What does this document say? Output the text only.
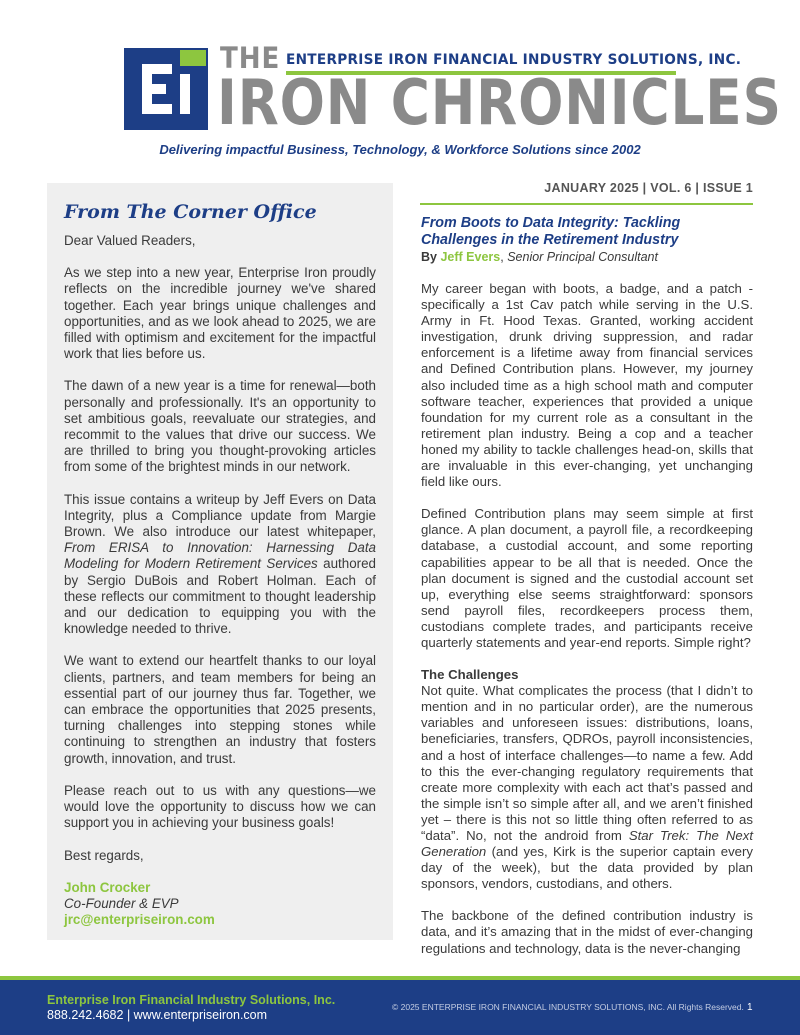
THE ENTERPRISE IRON FINANCIAL INDUSTRY SOLUTIONS, INC.
IRON CHRONICLES
Delivering impactful Business, Technology, & Workforce Solutions since 2002
From The Corner Office

Dear Valued Readers,

As we step into a new year, Enterprise Iron proudly reflects on the incredible journey we've shared together. Each year brings unique challenges and opportunities, and as we look ahead to 2025, we are filled with optimism and excitement for the impactful work that lies before us.

The dawn of a new year is a time for renewal—both personally and professionally. It's an opportunity to set ambitious goals, reevaluate our strategies, and recommit to the values that drive our success. We are thrilled to bring you thought-provoking articles from some of the brightest minds in our network.

This issue contains a writeup by Jeff Evers on Data Integrity, plus a Compliance update from Margie Brown. We also introduce our latest whitepaper, From ERISA to Innovation: Harnessing Data Modeling for Modern Retirement Services authored by Sergio DuBois and Robert Holman. Each of these reflects our commitment to thought leadership and our dedication to equipping you with the knowledge needed to thrive.

We want to extend our heartfelt thanks to our loyal clients, partners, and team members for being an essential part of our journey thus far. Together, we can embrace the opportunities that 2025 presents, turning challenges into stepping stones while continuing to strengthen an industry that fosters growth, innovation, and trust.

Please reach out to us with any questions—we would love the opportunity to discuss how we can support you in achieving your business goals!

Best regards,

John Crocker
Co-Founder & EVP
jrc@enterpriseiron.com
JANUARY 2025 | VOL. 6 | ISSUE 1
From Boots to Data Integrity: Tackling Challenges in the Retirement Industry
By Jeff Evers, Senior Principal Consultant

My career began with boots, a badge, and a patch - specifically a 1st Cav patch while serving in the U.S. Army in Ft. Hood Texas. Granted, working accident investigation, drunk driving suppression, and radar enforcement is a lifetime away from financial services and Defined Contribution plans. However, my journey also included time as a high school math and computer software teacher, experiences that provided a unique foundation for my current role as a consultant in the retirement plan industry. Being a cop and a teacher honed my ability to tackle challenges head-on, skills that are invaluable in this ever-changing, yet unchanging field like ours.

Defined Contribution plans may seem simple at first glance. A plan document, a payroll file, a recordkeeping database, a custodial account, and some reporting capabilities appear to be all that is needed. Once the plan document is signed and the custodial account set up, everything else seems straightforward: sponsors send payroll files, recordkeepers process them, custodians complete trades, and participants receive quarterly statements and year-end reports. Simple right?

The Challenges

Not quite. What complicates the process (that I didn’t to mention and in no particular order), are the numerous variables and unforeseen issues: distributions, loans, beneficiaries, transfers, QDROs, payroll inconsistencies, and a host of interface challenges—to name a few. Add to this the ever-changing regulatory requirements that create more complexity with each act that’s passed and the simple isn’t so simple after all, and we aren’t finished yet – there is this not so little thing often referred to as “data”. No, not the android from Star Trek: The Next Generation (and yes, Kirk is the superior captain every day of the week), but the data provided by plan sponsors, vendors, custodians, and others.

The backbone of the defined contribution industry is data, and it’s amazing that in the midst of ever-changing regulations and technology, data is the never-changing

Enterprise Iron Financial Industry Solutions, Inc.
888.242.4682 | www.enterpriseiron.com
© 2025 ENTERPRISE IRON FINANCIAL INDUSTRY SOLUTIONS, INC. All Rights Reserved. 1
